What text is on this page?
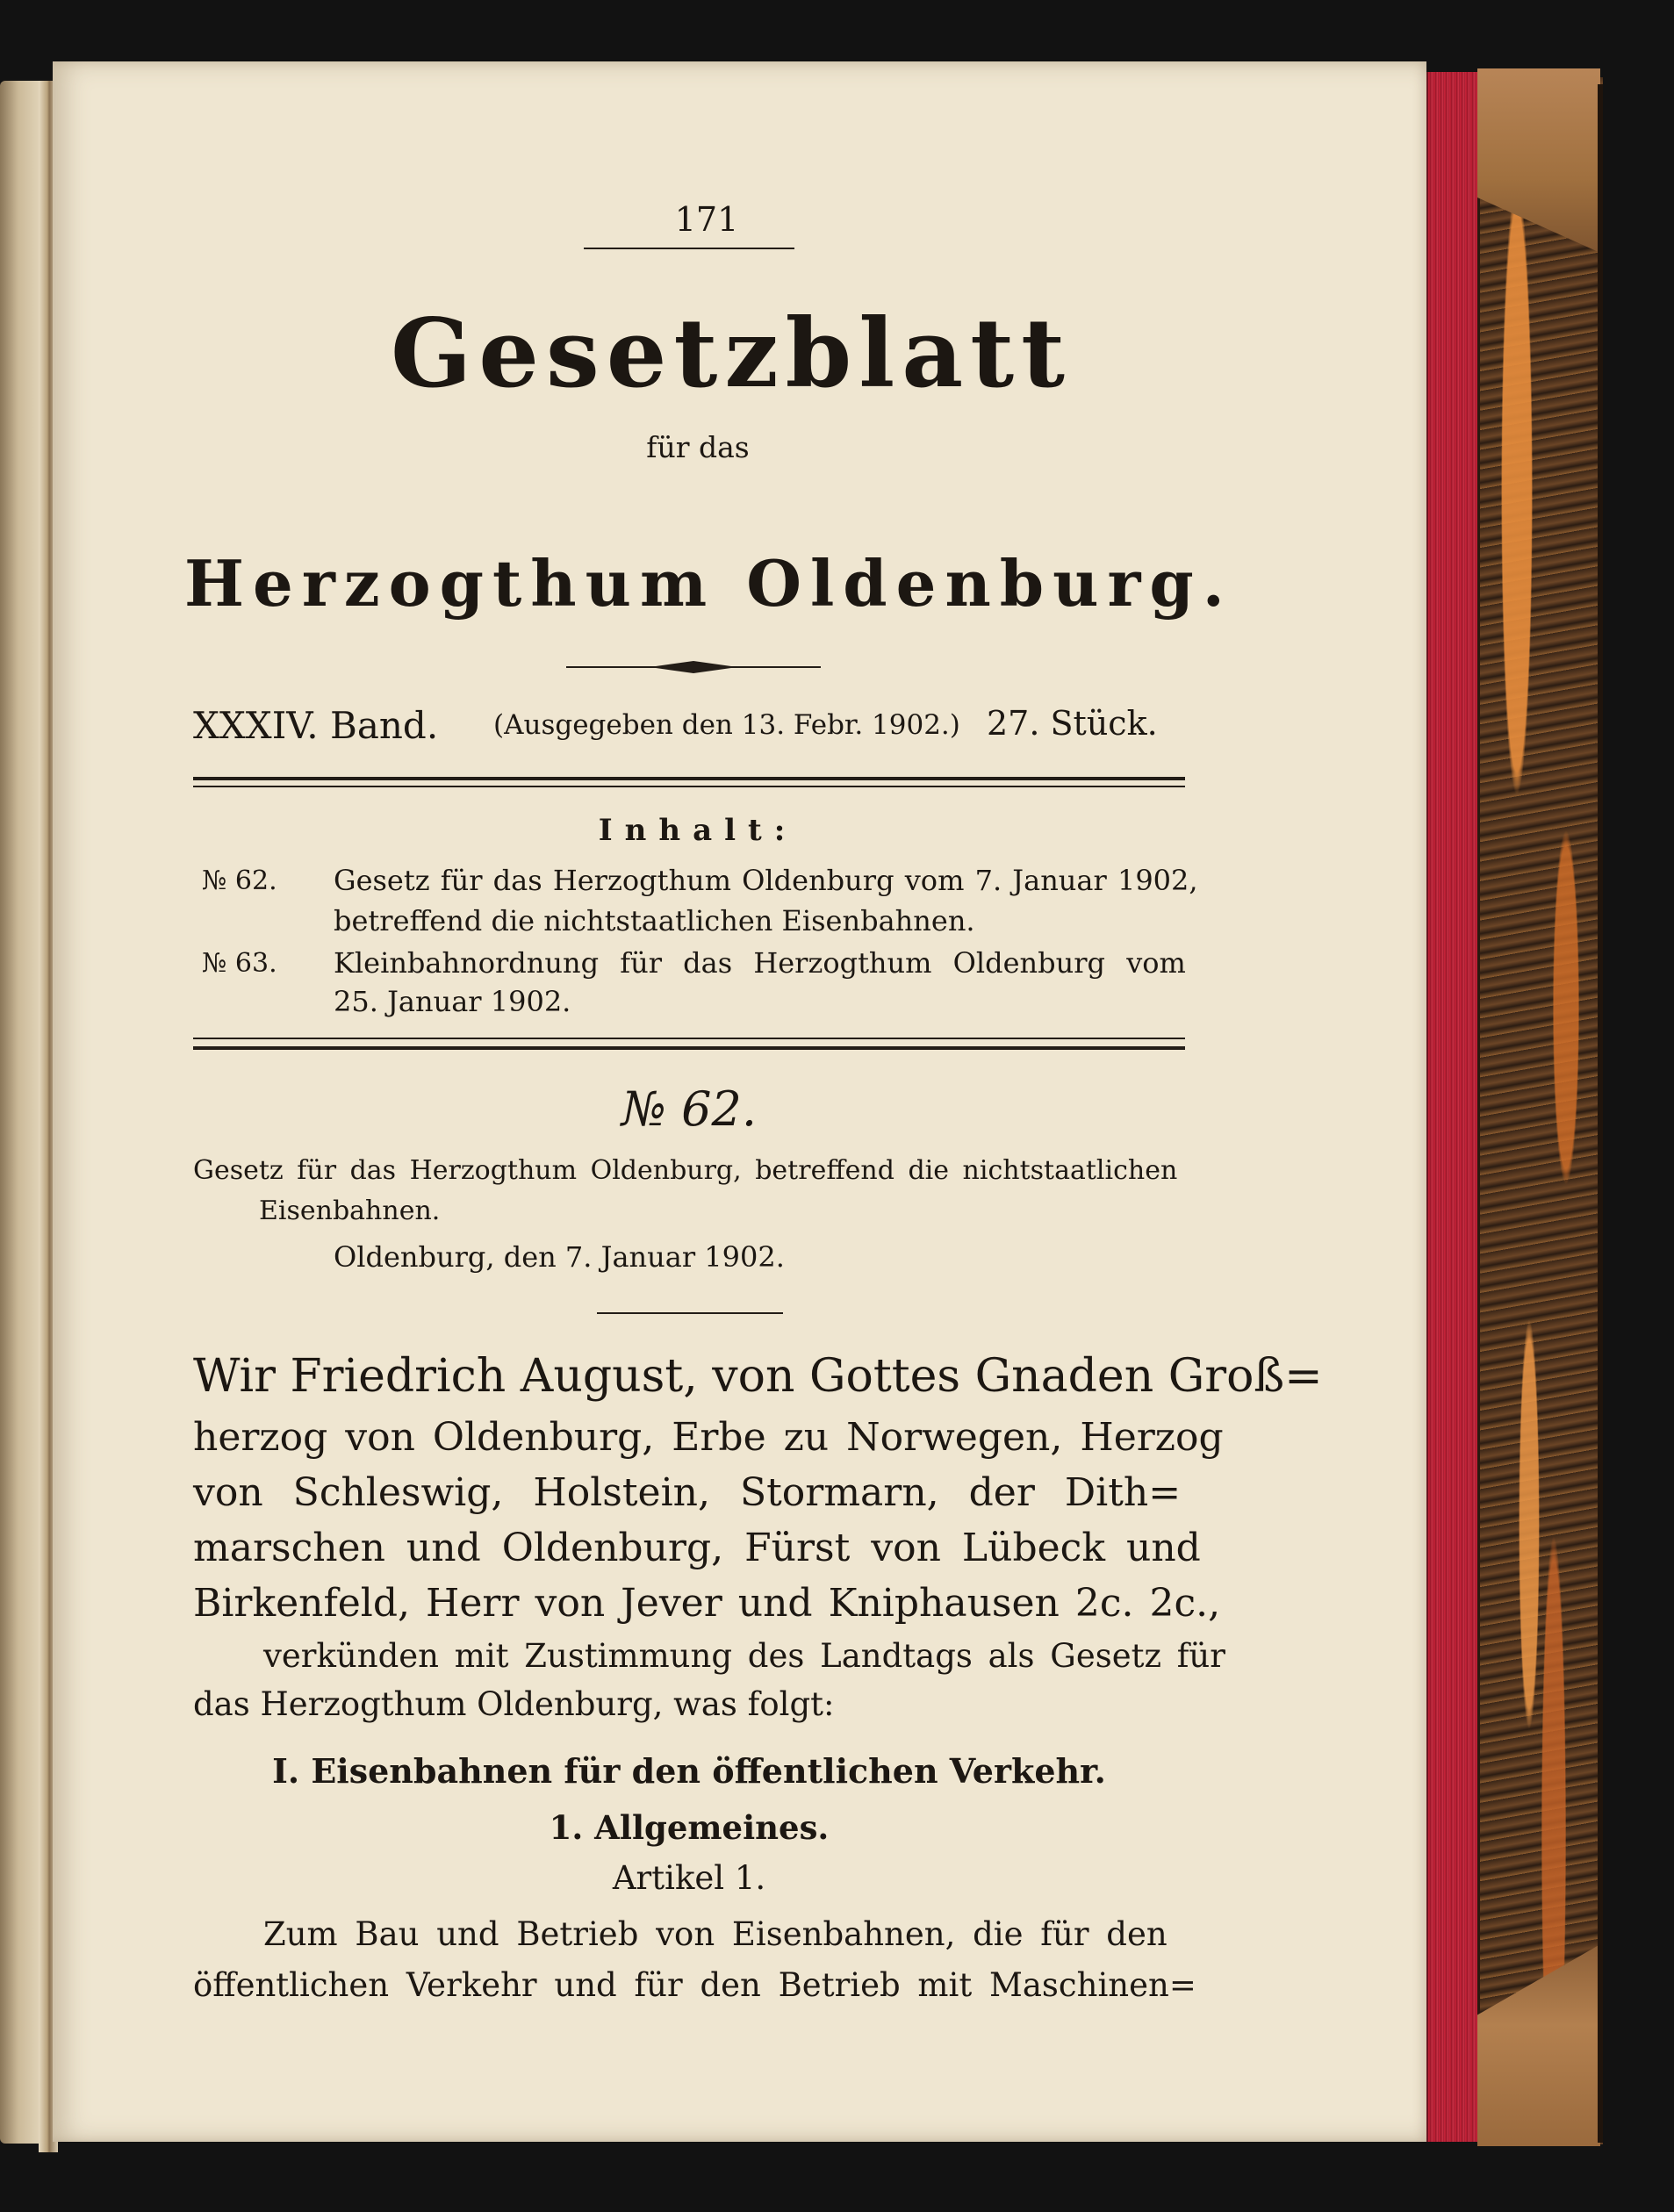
171
Gesetzblatt
für das
Herzogthum Oldenburg.
XXXIV. Band. (Ausgegeben den 13. Febr. 1902.) 27. Stück.
Inhalt:
№ 62. Gesetz für das Herzogthum Oldenburg vom 7. Januar 1902,
betreffend die nichtstaatlichen Eisenbahnen.
№ 63. Kleinbahnordnung für das Herzogthum Oldenburg vom
25. Januar 1902.
№ 62.
Gesetz für das Herzogthum Oldenburg, betreffend die nichtstaatlichen
Eisenbahnen.
Oldenburg, den 7. Januar 1902.
Wir Friedrich August, von Gottes Gnaden Groß=
herzog von Oldenburg, Erbe zu Norwegen, Herzog
von Schleswig, Holstein, Stormarn, der Dith=
marschen und Oldenburg, Fürst von Lübeck und
Birkenfeld, Herr von Jever und Kniphausen 2c. 2c.,
verkünden mit Zustimmung des Landtags als Gesetz für
das Herzogthum Oldenburg, was folgt:
I. Eisenbahnen für den öffentlichen Verkehr.
1. Allgemeines.
Artikel 1.
Zum Bau und Betrieb von Eisenbahnen, die für den
öffentlichen Verkehr und für den Betrieb mit Maschinen=
